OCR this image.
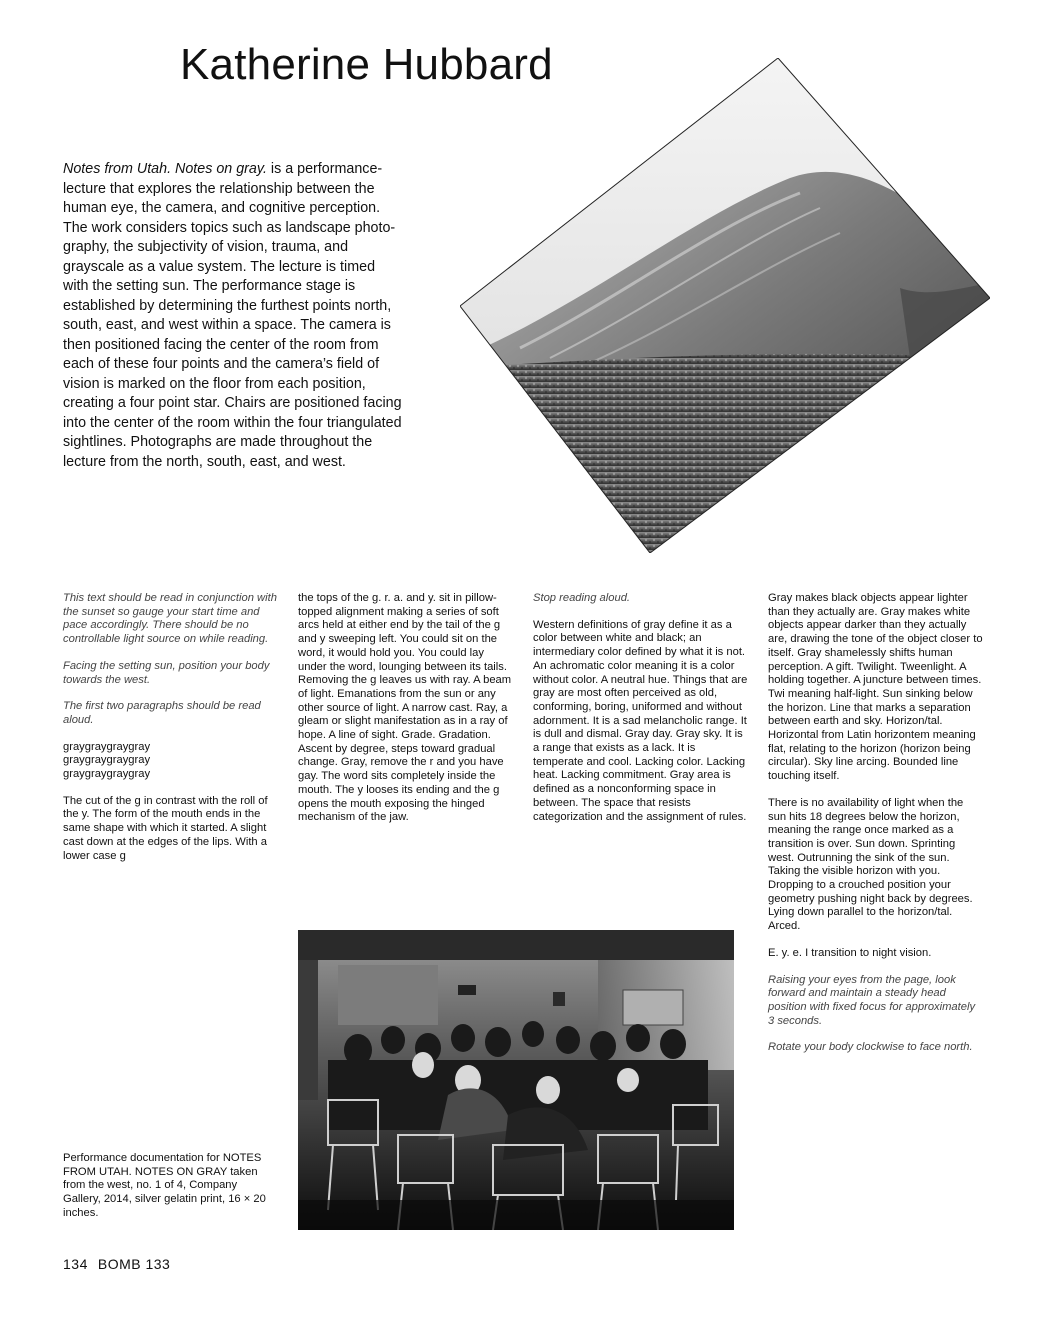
Katherine Hubbard
Notes from Utah. Notes on gray. is a performance-lecture that explores the relationship between the human eye, the camera, and cognitive perception. The work considers topics such as landscape photo-graphy, the subjectivity of vision, trauma, and grayscale as a value system. The lecture is timed with the setting sun. The performance stage is established by determining the furthest points north, south, east, and west within a space. The camera is then positioned facing the center of the room from each of these four points and the camera’s field of vision is marked on the floor from each position, creating a four point star. Chairs are positioned facing into the center of the room within the four triangulated sightlines. Photographs are made throughout the lecture from the north, south, east, and west.

This text should be read in conjunction with the sunset so gauge your start time and pace accordingly. There should be no controllable light source on while reading.

Facing the setting sun, position your body towards the west.

The first two paragraphs should be read aloud.

graygraygraygray
graygraygraygray

graygraygraygray

The cut of the g in contrast with the roll of the y. The form of the mouth ends in the same shape with which it started. A slight cast down at the edges of the lips. With a lower case g

the tops of the g. r. a. and y. sit in pillow-topped alignment making a series of soft arcs held at either end by the tail of the g and y sweeping left. You could sit on the word, it would hold you. You could lay under the word, lounging between its tails. Removing the g leaves us with ray. A beam of light. Emanations from the sun or any other source of light. A narrow cast. Ray, a gleam or slight manifestation as in a ray of hope. A line of sight. Grade. Gradation. Ascent by degree, steps toward gradual change. Gray, remove the r and you have gay. The word sits completely inside the mouth. The y looses its ending and the g opens the mouth exposing the hinged mechanism of the jaw.

Stop reading aloud.

Western definitions of gray define it as a color between white and black; an intermediary color defined by what it is not. An achromatic color meaning it is a color without color. A neutral hue. Things that are gray are most often perceived as old, conforming, boring, uniformed and without adornment. It is a sad melancholic range. It is dull and dismal. Gray day. Gray sky. It is a range that exists as a lack. It is temperate and cool. Lacking color. Lacking heat. Lacking commitment. Gray area is defined as a nonconforming space in between. The space that resists categorization and the assignment of rules.

Gray makes black objects appear lighter than they actually are. Gray makes white objects appear darker than they actually are, drawing the tone of the object closer to itself. Gray shamelessly shifts human perception. A gift. Twilight. Tweenlight. A holding together. A juncture between times. Twi meaning half-light. Sun sinking below the horizon. Line that marks a separation between earth and sky. Horizon/tal. Horizontal from Latin horizontem meaning flat, relating to the horizon (horizon being circular). Sky line arcing. Bounded line touching itself.

There is no availability of light when the sun hits 18 degrees below the horizon, meaning the range once marked as a transition is over. Sun down. Sprinting west. Outrunning the sink of the sun. Taking the visible horizon with you. Dropping to a crouched position your geometry pushing night back by degrees. Lying down parallel to the horizon/tal. Arced.

E. y. e. I transition to night vision.

Raising your eyes from the page, look forward and maintain a steady head position with fixed focus for approximately 3 seconds.

Rotate your body clockwise to face north.

Performance documentation for NOTES FROM UTAH. NOTES ON GRAY taken from the west, no. 1 of 4, Company Gallery, 2014, silver gelatin print, 16 × 20 inches.
134 BOMB 133
